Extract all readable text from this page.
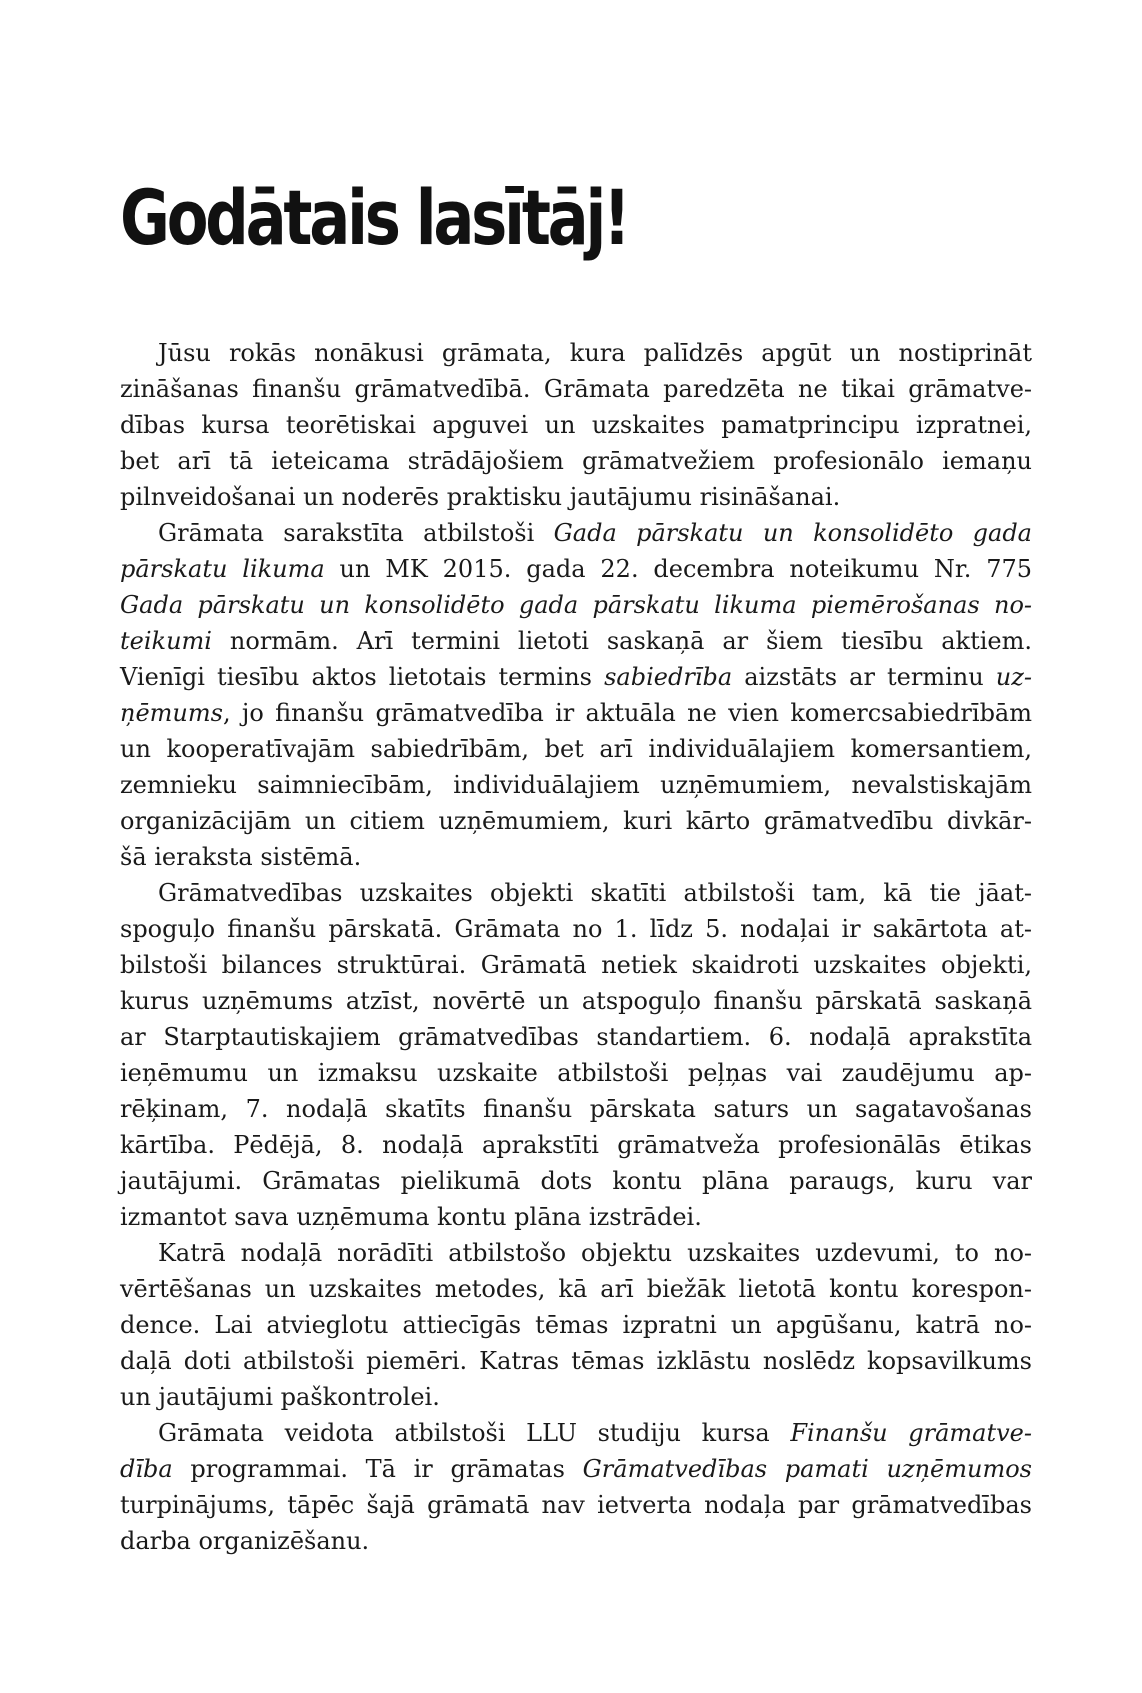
Godātais lasītāj!
Jūsu rokās nonākusi grāmata, kura palīdzēs apgūt un nostiprināt
zināšanas finanšu grāmatvedībā. Grāmata paredzēta ne tikai grāmatve-
dības kursa teorētiskai apguvei un uzskaites pamatprincipu izpratnei,
bet arī tā ieteicama strādājošiem grāmatvežiem profesionālo iemaņu
pilnveidošanai un noderēs praktisku jautājumu risināšanai.
Grāmata sarakstīta atbilstoši Gada pārskatu un konsolidēto gada
pārskatu likuma un MK 2015. gada 22. decembra noteikumu Nr. 775
Gada pārskatu un konsolidēto gada pārskatu likuma piemērošanas no-
teikumi normām. Arī termini lietoti saskaņā ar šiem tiesību aktiem.
Vienīgi tiesību aktos lietotais termins sabiedrība aizstāts ar terminu uz-
ņēmums, jo finanšu grāmatvedība ir aktuāla ne vien komercsabiedrībām
un kooperatīvajām sabiedrībām, bet arī individuālajiem komersantiem,
zemnieku saimniecībām, individuālajiem uzņēmumiem, nevalstiskajām
organizācijām un citiem uzņēmumiem, kuri kārto grāmatvedību divkār-
šā ieraksta sistēmā.
Grāmatvedības uzskaites objekti skatīti atbilstoši tam, kā tie jāat-
spoguļo finanšu pārskatā. Grāmata no 1. līdz 5. nodaļai ir sakārtota at-
bilstoši bilances struktūrai. Grāmatā netiek skaidroti uzskaites objekti,
kurus uzņēmums atzīst, novērtē un atspoguļo finanšu pārskatā saskaņā
ar Starptautiskajiem grāmatvedības standartiem. 6. nodaļā aprakstīta
ieņēmumu un izmaksu uzskaite atbilstoši peļņas vai zaudējumu ap-
rēķinam, 7. nodaļā skatīts finanšu pārskata saturs un sagatavošanas
kārtība. Pēdējā, 8. nodaļā aprakstīti grāmatveža profesionālās ētikas
jautājumi. Grāmatas pielikumā dots kontu plāna paraugs, kuru var
izmantot sava uzņēmuma kontu plāna izstrādei.
Katrā nodaļā norādīti atbilstošo objektu uzskaites uzdevumi, to no-
vērtēšanas un uzskaites metodes, kā arī biežāk lietotā kontu korespon-
dence. Lai atvieglotu attiecīgās tēmas izpratni un apgūšanu, katrā no-
daļā doti atbilstoši piemēri. Katras tēmas izklāstu noslēdz kopsavilkums
un jautājumi paškontrolei.
Grāmata veidota atbilstoši LLU studiju kursa Finanšu grāmatve-
dība programmai. Tā ir grāmatas Grāmatvedības pamati uzņēmumos
turpinājums, tāpēc šajā grāmatā nav ietverta nodaļa par grāmatvedības
darba organizēšanu.
